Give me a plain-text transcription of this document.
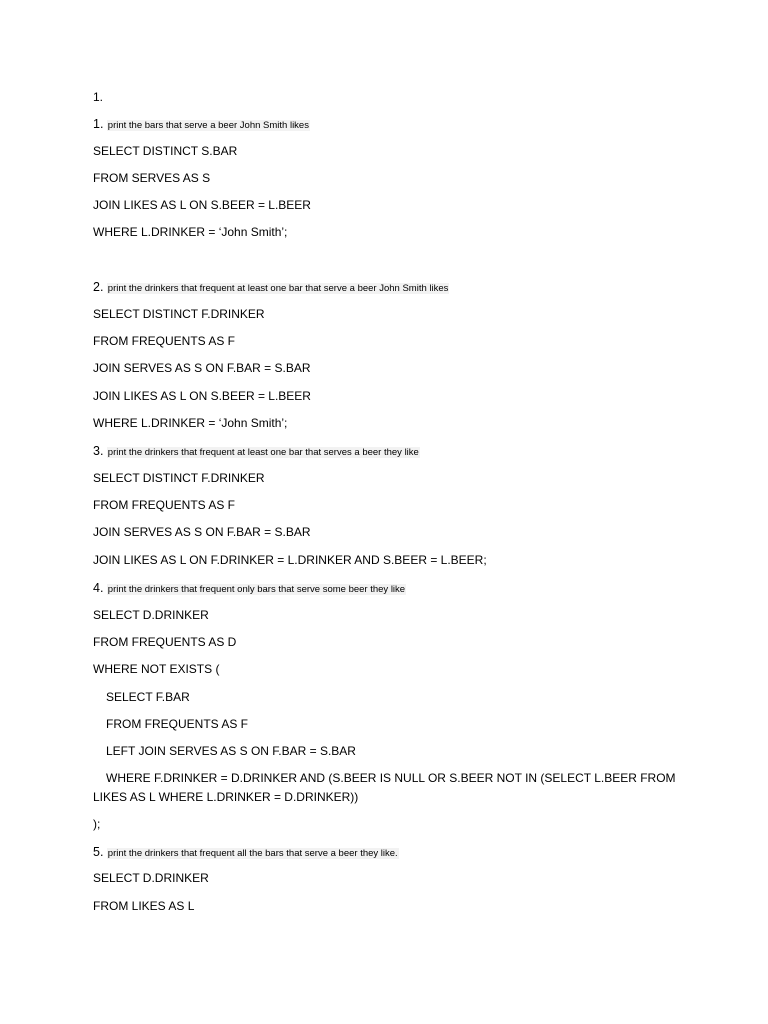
1.
1. print the bars that serve a beer John Smith likes
SELECT DISTINCT S.BAR
FROM SERVES AS S
JOIN LIKES AS L ON S.BEER = L.BEER
WHERE L.DRINKER = ‘John Smith’;
2. print the drinkers that frequent at least one bar that serve a beer John Smith likes
SELECT DISTINCT F.DRINKER
FROM FREQUENTS AS F
JOIN SERVES AS S ON F.BAR = S.BAR
JOIN LIKES AS L ON S.BEER = L.BEER
WHERE L.DRINKER = ‘John Smith’;
3. print the drinkers that frequent at least one bar that serves a beer they like
SELECT DISTINCT F.DRINKER
FROM FREQUENTS AS F
JOIN SERVES AS S ON F.BAR = S.BAR
JOIN LIKES AS L ON F.DRINKER = L.DRINKER AND S.BEER = L.BEER;
4. print the drinkers that frequent only bars that serve some beer they like
SELECT D.DRINKER
FROM FREQUENTS AS D
WHERE NOT EXISTS (
SELECT F.BAR
FROM FREQUENTS AS F
LEFT JOIN SERVES AS S ON F.BAR = S.BAR
WHERE F.DRINKER = D.DRINKER AND (S.BEER IS NULL OR S.BEER NOT IN (SELECT L.BEER FROM
LIKES AS L WHERE L.DRINKER = D.DRINKER))
);
5. print the drinkers that frequent all the bars that serve a beer they like.
SELECT D.DRINKER
FROM LIKES AS L
